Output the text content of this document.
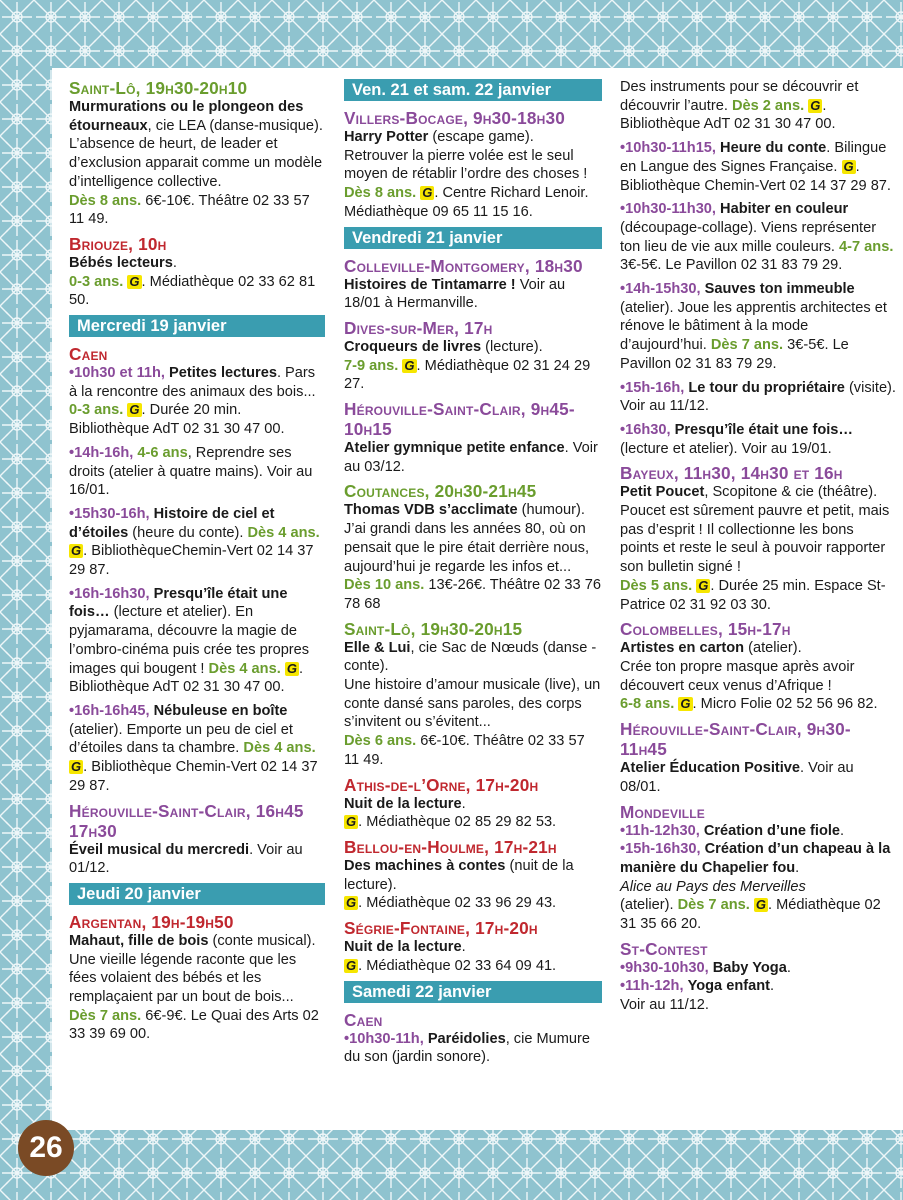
Saint-Lô, 19h30-20h10

Murmurations ou le plongeon des étourneaux, cie LEA (danse-musique).

L’absence de heurt, de leader et d’exclusion apparait comme un modèle d’intelligence collective.

Dès 8 ans. 6€-10€. Théâtre 02 33 57 11 49.

Briouze, 10h

Bébés lecteurs.

0-3 ans. G . Médiathèque 02 33 62 81 50.

Mercredi 19 janvier

Caen

•10h30 et 11h, Petites lectures. Pars à la rencontre des animaux des bois... 0-3 ans. G . Durée 20 min. Bibliothèque AdT 02 31 30 47 00.
•14h-16h, 4-6 ans, Reprendre ses droits (atelier à quatre mains). Voir au 16/01.
•15h30-16h, Histoire de ciel et d’étoiles (heure du conte). Dès 4 ans. G . BibliothèqueChemin-Vert 02 14 37 29 87.
•16h-16h30, Presqu’île était une fois… (lecture et atelier). En pyjamarama, découvre la magie de l’ombro-cinéma puis crée tes propres images qui bougent ! Dès 4 ans. G . Bibliothèque AdT 02 31 30 47 00.
•16h-16h45, Nébuleuse en boîte (atelier). Emporte un peu de ciel et d’étoiles dans ta chambre. Dès 4 ans. G . Bibliothèque Chemin-Vert 02 14 37 29 87.

Hérouville-Saint-Clair, 16h45 17h30

Éveil musical du mercredi. Voir au 01/12.

Jeudi 20 janvier

Argentan, 19h-19h50

Mahaut, fille de bois (conte musical).

Une vieille légende raconte que les fées volaient des bébés et les remplaçaient par un bout de bois...

Dès 7 ans. 6€-9€. Le Quai des Arts 02 33 39 69 00.

Ven. 21 et sam. 22 janvier

Villers-Bocage, 9h30-18h30

Harry Potter (escape game).

Retrouver la pierre volée est le seul moyen de rétablir l’ordre des choses !

Dès 8 ans. G . Centre Richard Lenoir. Médiathèque 09 65 11 15 16.

Vendredi 21 janvier

Colleville-Montgomery, 18h30

Histoires de Tintamarre ! Voir au 18/01 à Hermanville.

Dives-sur-Mer, 17h

Croqueurs de livres (lecture).

7-9 ans. G . Médiathèque 02 31 24 29 27.

Hérouville-Saint-Clair, 9h45-10h15

Atelier gymnique petite enfance. Voir au 03/12.

Coutances, 20h30-21h45

Thomas VDB s’acclimate (humour).

J’ai grandi dans les années 80, où on pensait que le pire était derrière nous, aujourd’hui je regarde les infos et...

Dès 10 ans. 13€-26€. Théâtre 02 33 76 78 68

Saint-Lô, 19h30-20h15

Elle & Lui, cie Sac de Nœuds (danse - conte).

Une histoire d’amour musicale (live), un conte dansé sans paroles, des corps s’invitent ou s’évitent...

Dès 6 ans. 6€-10€. Théâtre 02 33 57 11 49.

Athis-de-l’Orne, 17h-20h

Nuit de la lecture.

G . Médiathèque 02 85 29 82 53.

Bellou-en-Houlme, 17h-21h

Des machines à contes (nuit de la lecture).

G . Médiathèque 02 33 96 29 43.

Ségrie-Fontaine, 17h-20h

Nuit de la lecture.

G . Médiathèque 02 33 64 09 41.

Samedi 22 janvier

Caen

•10h30-11h, Paréidolies, cie Mumure du son (jardin sonore).

Des instruments pour se découvrir et découvrir l’autre. Dès 2 ans. G . Bibliothèque AdT 02 31 30 47 00.
•10h30-11h15, Heure du conte. Bilingue en Langue des Signes Française. G . Bibliothèque Chemin-Vert 02 14 37 29 87.
•10h30-11h30, Habiter en couleur (découpage-collage). Viens représenter ton lieu de vie aux mille couleurs. 4-7 ans. 3€-5€. Le Pavillon 02 31 83 79 29.
•14h-15h30, Sauves ton immeuble (atelier). Joue les apprentis architectes et rénove le bâtiment à la mode d’aujourd’hui. Dès 7 ans. 3€-5€. Le Pavillon 02 31 83 79 29.
•15h-16h, Le tour du propriétaire (visite). Voir au 11/12.
•16h30, Presqu’île était une fois… (lecture et atelier). Voir au 19/01.

Bayeux, 11h30, 14h30 et 16h

Petit Poucet, Scopitone & cie (théâtre).

Poucet est sûrement pauvre et petit, mais pas d’esprit ! Il collectionne les bons points et reste le seul à pouvoir rapporter son bulletin signé !

Dès 5 ans. G . Durée 25 min. Espace St-Patrice 02 31 92 03 30.

Colombelles, 15h-17h

Artistes en carton (atelier).

Crée ton propre masque après avoir découvert ceux venus d’Afrique !

6-8 ans. G . Micro Folie 02 52 56 96 82.

Hérouville-Saint-Clair, 9h30-11h45

Atelier Éducation Positive. Voir au 08/01.

Mondeville

•11h-12h30, Création d’une fiole.

•15h-16h30, Création d’un chapeau à la manière du Chapelier fou.

Alice au Pays des Merveilles

(atelier). Dès 7 ans. G . Médiathèque 02 31 35 66 20.

St-Contest

•9h30-10h30, Baby Yoga.

•11h-12h, Yoga enfant.

Voir au 11/12.

26
